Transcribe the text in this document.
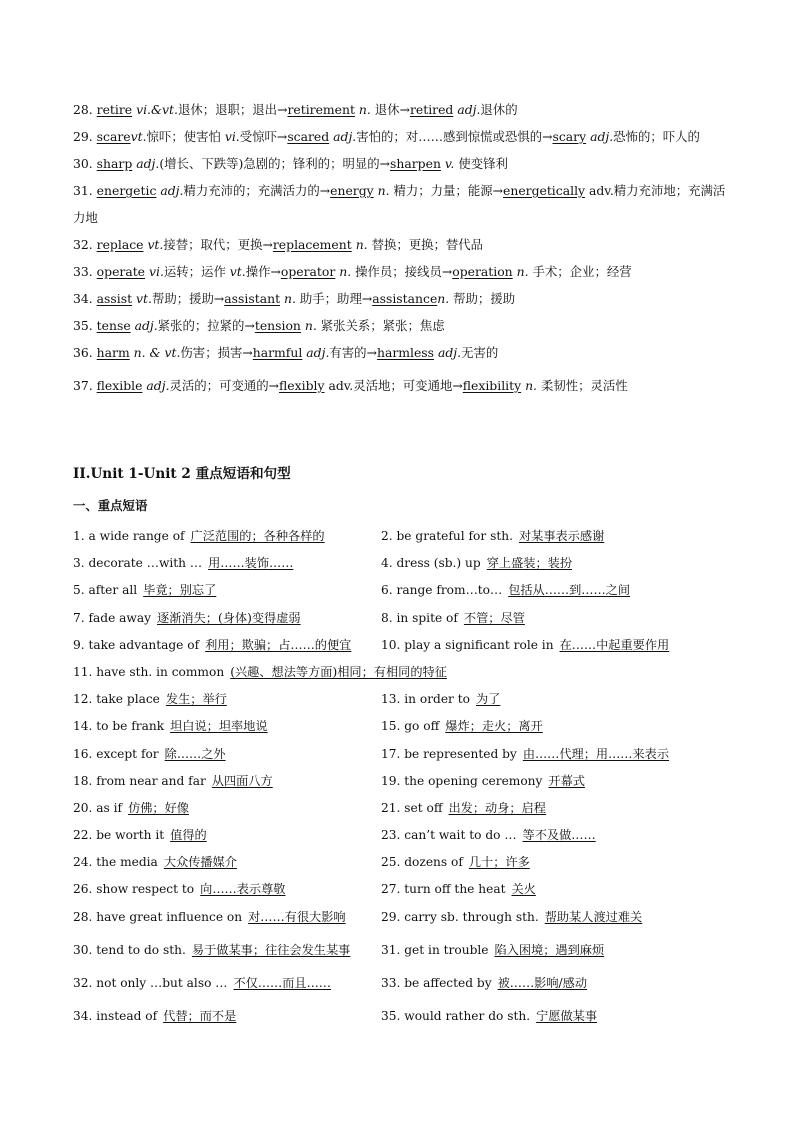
28. retire vi.&vt.退休；退职；退出→retirement n. 退休→retired adj.退休的
29. scarevt.惊吓；使害怕 vi.受惊吓→scared adj.害怕的；对……感到惊慌或恐惧的→scary adj.恐怖的；吓人的
30. sharp adj.(增长、下跌等)急剧的；锋利的；明显的→sharpen v. 使变锋利
31. energetic adj.精力充沛的；充满活力的→energy n. 精力；力量；能源→energetically adv.精力充沛地；充满活力地
32. replace vt.接替；取代；更换→replacement n. 替换；更换；替代品
33. operate vi.运转；运作 vt.操作→operator n. 操作员；接线员→operation n. 手术；企业；经营
34. assist vt.帮助；援助→assistant n. 助手；助理→assistancen. 帮助；援助
35. tense adj.紧张的；拉紧的→tension n. 紧张关系；紧张；焦虑
36. harm n. & vt.伤害；损害→harmful adj.有害的→harmless adj.无害的
37. flexible adj.灵活的；可变通的→flexibly adv.灵活地；可变通地→flexibility n. 柔韧性；灵活性
II.Unit 1-Unit 2 重点短语和句型
一、重点短语
1. a wide range of 广泛范围的；各种各样的	2. be grateful for sth. 对某事表示感谢
3. decorate …with … 用……装饰……	4. dress (sb.) up 穿上盛装；装扮
5. after all 毕竟；别忘了	6. range from…to… 包括从……到……之间
7. fade away 逐渐消失；(身体)变得虚弱	8. in spite of 不管；尽管
9. take advantage of 利用；欺骗；占……的便宜 10. play a significant role in 在……中起重要作用
11. have sth. in common (兴趣、想法等方面)相同；有相同的特征
12. take place 发生；举行	13. in order to 为了
14. to be frank 坦白说；坦率地说	15. go off 爆炸；走火；离开
16. except for 除……之外	17. be represented by 由……代理；用……来表示
18. from near and far 从四面八方	19. the opening ceremony 开幕式
20. as if 仿佛；好像	21. set off 出发；动身；启程
22. be worth it 值得的	23. can’t wait to do … 等不及做……
24. the media 大众传播媒介	25. dozens of 几十；许多
26. show respect to 向……表示尊敬	27. turn off the heat 关火
28. have great influence on 对……有很大影响	29. carry sb. through sth. 帮助某人渡过难关
30. tend to do sth. 易于做某事；往往会发生某事	31. get in trouble 陷入困境；遇到麻烦
32. not only …but also … 不仅……而且……	33. be affected by 被……影响/感动
34. instead of 代替；而不是	35. would rather do sth. 宁愿做某事
